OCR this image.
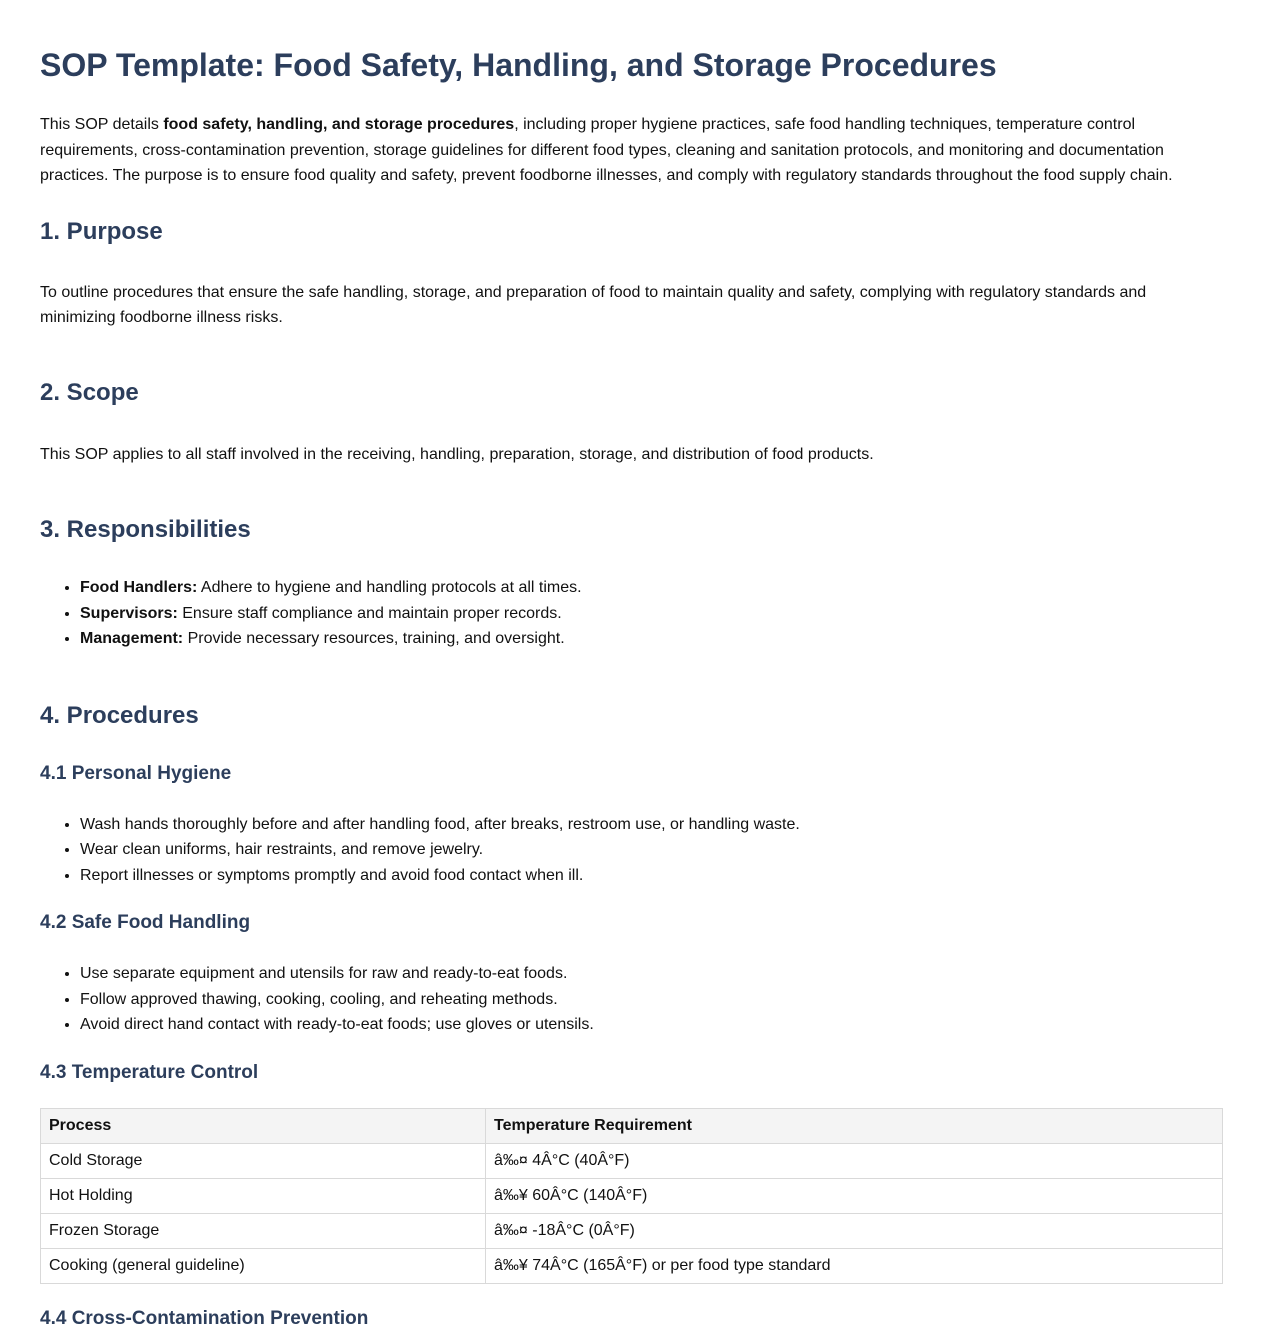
SOP Template: Food Safety, Handling, and Storage Procedures

This SOP details food safety, handling, and storage procedures, including proper hygiene practices, safe food handling techniques, temperature control requirements, cross-contamination prevention, storage guidelines for different food types, cleaning and sanitation protocols, and monitoring and documentation practices. The purpose is to ensure food quality and safety, prevent foodborne illnesses, and comply with regulatory standards throughout the food supply chain.

1. Purpose

To outline procedures that ensure the safe handling, storage, and preparation of food to maintain quality and safety, complying with regulatory standards and minimizing foodborne illness risks.

2. Scope

This SOP applies to all staff involved in the receiving, handling, preparation, storage, and distribution of food products.

3. Responsibilities
• Food Handlers: Adhere to hygiene and handling protocols at all times.
• Supervisors: Ensure staff compliance and maintain proper records.
• Management: Provide necessary resources, training, and oversight.
4. Procedures
4.1 Personal Hygiene
• Wash hands thoroughly before and after handling food, after breaks, restroom use, or handling waste.
• Wear clean uniforms, hair restraints, and remove jewelry.
• Report illnesses or symptoms promptly and avoid food contact when ill.
4.2 Safe Food Handling
• Use separate equipment and utensils for raw and ready-to-eat foods.
• Follow approved thawing, cooking, cooling, and reheating methods.
• Avoid direct hand contact with ready-to-eat foods; use gloves or utensils.
4.3 Temperature Control
Process	Temperature Requirement
Cold Storage	â‰¤ 4Â°C (40Â°F)
Hot Holding	â‰¥ 60Â°C (140Â°F)
Frozen Storage	â‰¤ -18Â°C (0Â°F)
Cooking (general guideline)	â‰¥ 74Â°C (165Â°F) or per food type standard
4.4 Cross-Contamination Prevention
